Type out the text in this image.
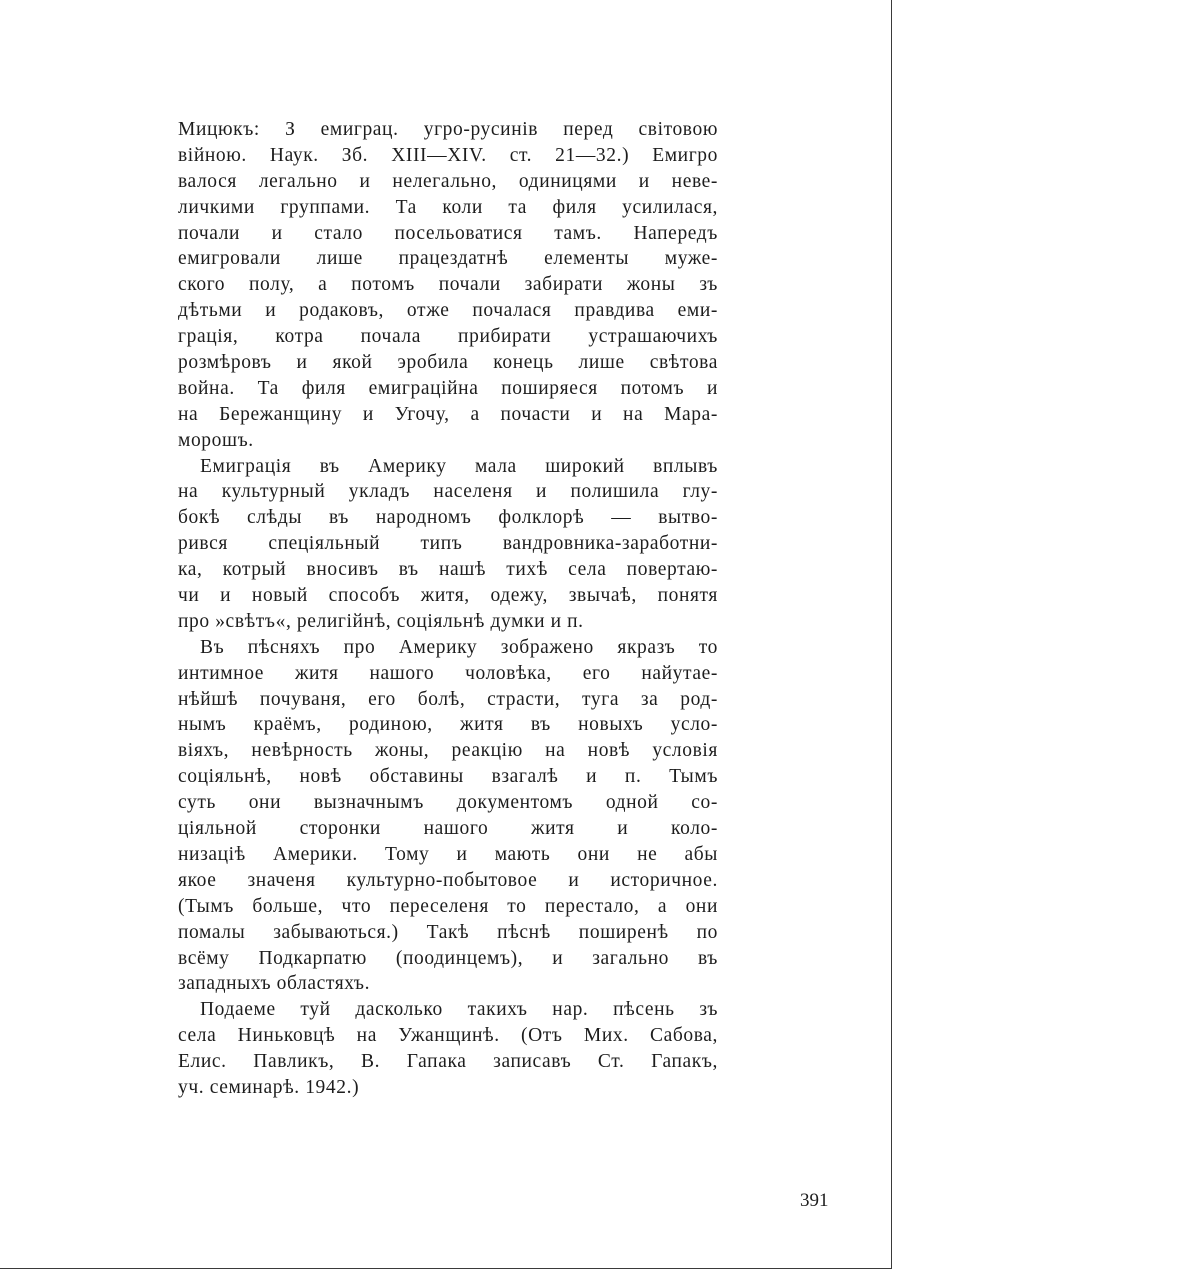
Мицюкъ: З емиграц. угро-русинів перед світовою
війною. Наук. Зб. XIII—XIV. ст. 21—32.) Емигро
валося легально и нелегально, одиницями и неве-
личкими группами. Та коли та филя усилилася,
почали и стало посельоватися тамъ. Напередъ
емигровали лише працездатнѣ елементы муже-
ского полу, а потомъ почали забирати жоны зъ
дѣтьми и родаковъ, отже почалася правдива еми-
грація, котра почала прибирати устрашаючихъ
розмѣровъ и якой эробила конець лише свѣтова
война. Та филя емиграційна поширяеся потомъ и
на Бережанщину и Угочу, а почасти и на Мара-
морошъ.
Емиграція въ Америку мала широкий вплывъ
на культурный укладъ населеня и полишила глу-
бокѣ слѣды въ народномъ фолклорѣ — вытво-
рився спеціяльный типъ вандровника-заработни-
ка, котрый вносивъ въ нашѣ тихѣ села повертаю-
чи и новый способъ житя, одежу, звычаѣ, понятя
про »свѣтъ«, религійнѣ, соціяльнѣ думки и п.
Въ пѣсняхъ про Америку зображено якразъ то
интимное житя нашого чоловѣка, его найутае-
нѣйшѣ почуваня, его болѣ, страсти, туга за род-
нымъ краёмъ, родиною, житя въ новыхъ усло-
віяхъ, невѣрность жоны, реакцію на новѣ условія
соціяльнѣ, новѣ обставины взагалѣ и п. Тымъ
суть они вызначнымъ документомъ одной со-
ціяльной сторонки нашого житя и коло-
низаціѣ Америки. Тому и мають они не абы
якое значеня культурно-побытовое и историчное.
(Тымъ больше, что переселеня то перестало, а они
помалы забываються.) Такѣ пѣснѣ поширенѣ по
всёму Подкарпатю (поодинцемъ), и загально въ
западныхъ областяхъ.
Подаеме туй дасколько такихъ нар. пѣсень зъ
села Ниньковцѣ на Ужанщинѣ. (Отъ Мих. Сабова,
Елис. Павликъ, В. Гапака записавъ Ст. Гапакъ,
уч. семинарѣ. 1942.)
391
